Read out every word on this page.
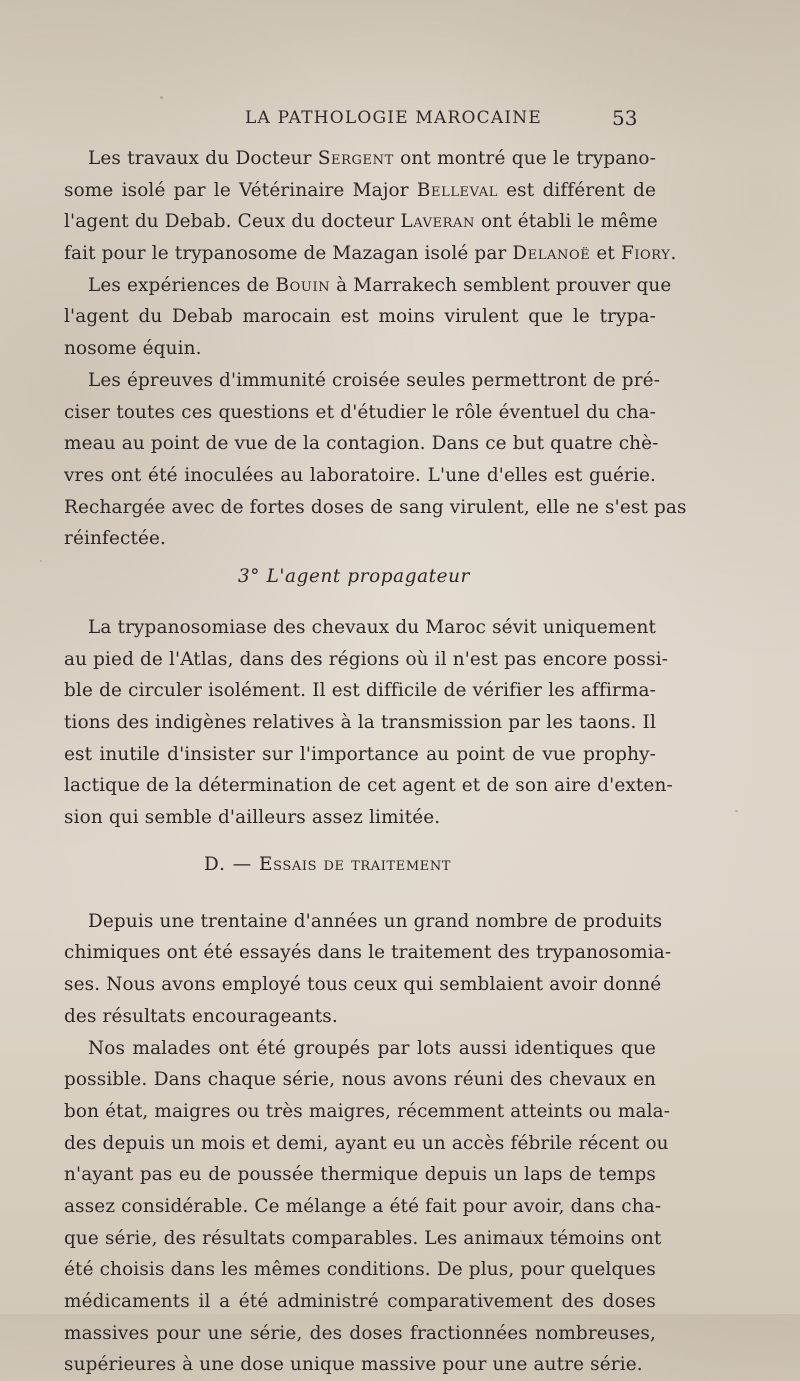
LA PATHOLOGIE MAROCAINE	53
Les travaux du Docteur Sergent ont montré que le trypano-
some isolé par le Vétérinaire Major Belleval est différent de
l'agent du Debab. Ceux du docteur Laveran ont établi le même
fait pour le trypanosome de Mazagan isolé par Delanoë et Fiory.
Les expériences de Bouin à Marrakech semblent prouver que
l'agent du Debab marocain est moins virulent que le trypa-
nosome équin.
Les épreuves d'immunité croisée seules permettront de pré-
ciser toutes ces questions et d'étudier le rôle éventuel du cha-
meau au point de vue de la contagion. Dans ce but quatre chè-
vres ont été inoculées au laboratoire. L'une d'elles est guérie.
Rechargée avec de fortes doses de sang virulent, elle ne s'est pas
réinfectée.
3° L'agent propagateur
La trypanosomiase des chevaux du Maroc sévit uniquement
au pied de l'Atlas, dans des régions où il n'est pas encore possi-
ble de circuler isolément. Il est difficile de vérifier les affirma-
tions des indigènes relatives à la transmission par les taons. Il
est inutile d'insister sur l'importance au point de vue prophy-
lactique de la détermination de cet agent et de son aire d'exten-
sion qui semble d'ailleurs assez limitée.
D. — Essais de traitement
Depuis une trentaine d'années un grand nombre de produits
chimiques ont été essayés dans le traitement des trypanosomia-
ses. Nous avons employé tous ceux qui semblaient avoir donné
des résultats encourageants.
Nos malades ont été groupés par lots aussi identiques que
possible. Dans chaque série, nous avons réuni des chevaux en
bon état, maigres ou très maigres, récemment atteints ou mala-
des depuis un mois et demi, ayant eu un accès fébrile récent ou
n'ayant pas eu de poussée thermique depuis un laps de temps
assez considérable. Ce mélange a été fait pour avoir, dans cha-
que série, des résultats comparables. Les animaux témoins ont
été choisis dans les mêmes conditions. De plus, pour quelques
médicaments il a été administré comparativement des doses
massives pour une série, des doses fractionnées nombreuses,
supérieures à une dose unique massive pour une autre série.
